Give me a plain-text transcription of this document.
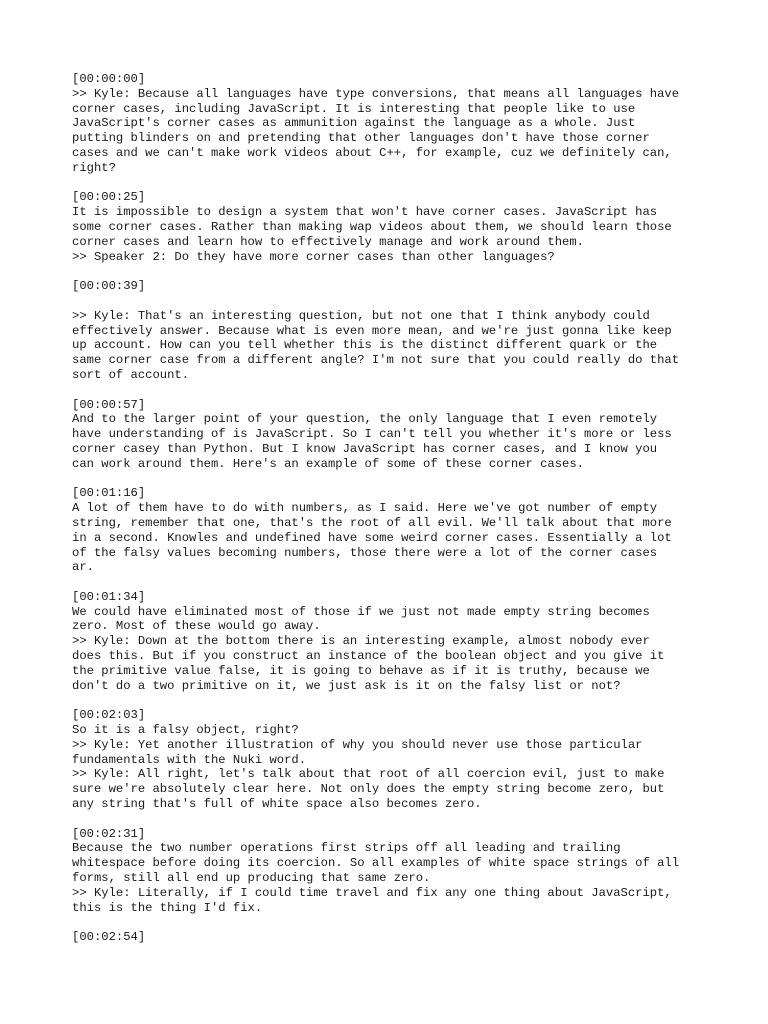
[00:00:00]

>> Kyle: Because all languages have type conversions, that means all languages have

corner cases, including JavaScript. It is interesting that people like to use

JavaScript's corner cases as ammunition against the language as a whole. Just

putting blinders on and pretending that other languages don't have those corner

cases and we can't make work videos about C++, for example, cuz we definitely can,

right?

[00:00:25]

It is impossible to design a system that won't have corner cases. JavaScript has

some corner cases. Rather than making wap videos about them, we should learn those

corner cases and learn how to effectively manage and work around them.

>> Speaker 2: Do they have more corner cases than other languages?

[00:00:39]

>> Kyle: That's an interesting question, but not one that I think anybody could

effectively answer. Because what is even more mean, and we're just gonna like keep

up account. How can you tell whether this is the distinct different quark or the

same corner case from a different angle? I'm not sure that you could really do that

sort of account.

[00:00:57]

And to the larger point of your question, the only language that I even remotely

have understanding of is JavaScript. So I can't tell you whether it's more or less

corner casey than Python. But I know JavaScript has corner cases, and I know you

can work around them. Here's an example of some of these corner cases.

[00:01:16]

A lot of them have to do with numbers, as I said. Here we've got number of empty

string, remember that one, that's the root of all evil. We'll talk about that more

in a second. Knowles and undefined have some weird corner cases. Essentially a lot

of the falsy values becoming numbers, those there were a lot of the corner cases

ar.

[00:01:34]

We could have eliminated most of those if we just not made empty string becomes

zero. Most of these would go away.

>> Kyle: Down at the bottom there is an interesting example, almost nobody ever

does this. But if you construct an instance of the boolean object and you give it

the primitive value false, it is going to behave as if it is truthy, because we

don't do a two primitive on it, we just ask is it on the falsy list or not?

[00:02:03]

So it is a falsy object, right?

>> Kyle: Yet another illustration of why you should never use those particular

fundamentals with the Nuki word.

>> Kyle: All right, let's talk about that root of all coercion evil, just to make

sure we're absolutely clear here. Not only does the empty string become zero, but

any string that's full of white space also becomes zero.

[00:02:31]

Because the two number operations first strips off all leading and trailing

whitespace before doing its coercion. So all examples of white space strings of all

forms, still all end up producing that same zero.

>> Kyle: Literally, if I could time travel and fix any one thing about JavaScript,

this is the thing I'd fix.

[00:02:54]
